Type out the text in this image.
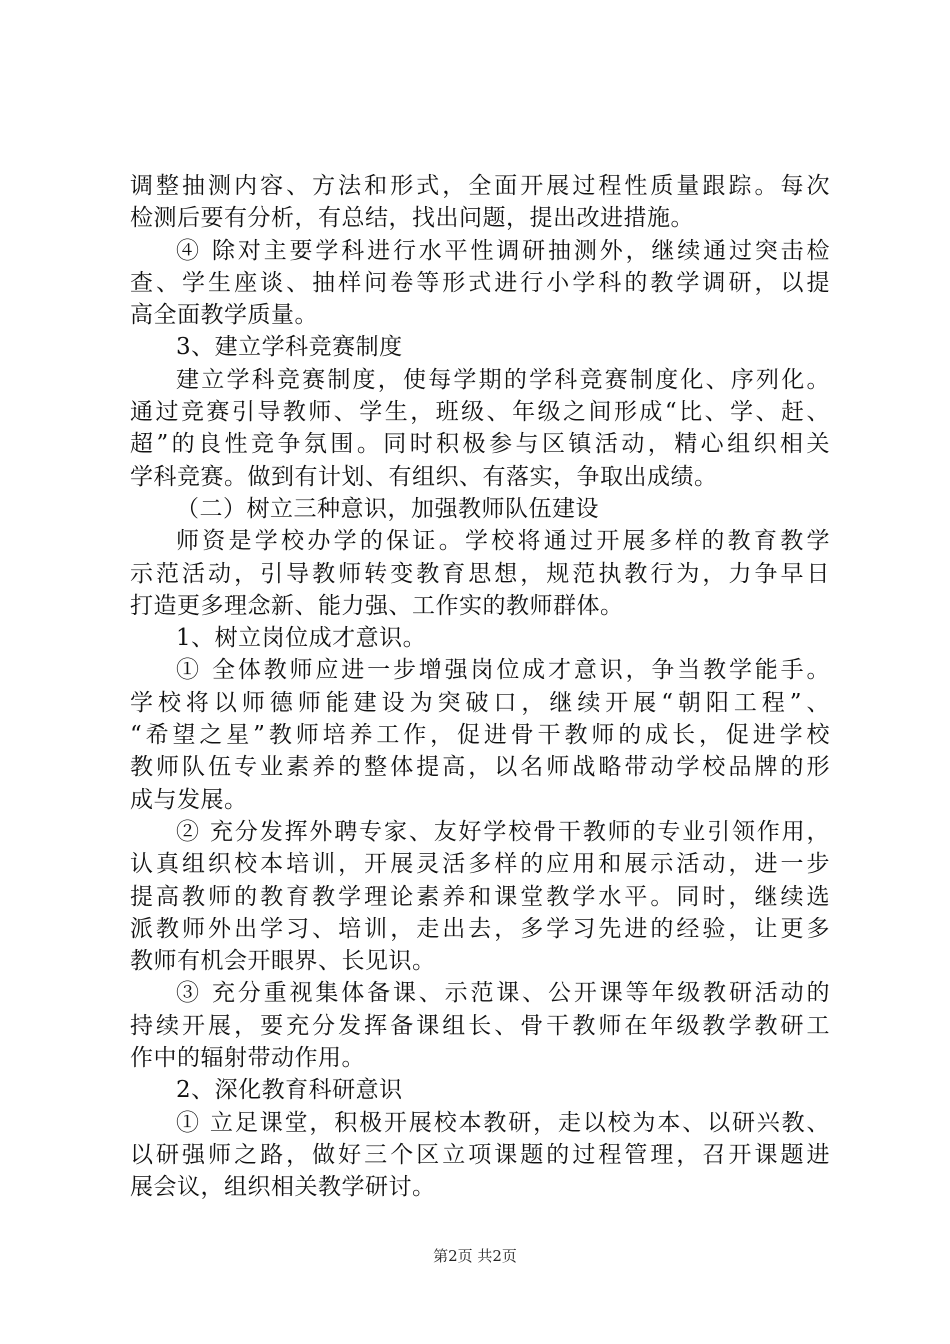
调整抽测内容、方法和形式，全面开展过程性质量跟踪。每次
检测后要有分析，有总结，找出问题，提出改进措施。
④ 除对主要学科进行水平性调研抽测外，继续通过突击检
查、学生座谈、抽样问卷等形式进行小学科的教学调研，以提
高全面教学质量。
3、建立学科竞赛制度
建立学科竞赛制度，使每学期的学科竞赛制度化、序列化。
通过竞赛引导教师、学生，班级、年级之间形成“比、学、赶、
超”的良性竞争氛围。同时积极参与区镇活动，精心组织相关
学科竞赛。做到有计划、有组织、有落实，争取出成绩。
（二）树立三种意识，加强教师队伍建设
师资是学校办学的保证。学校将通过开展多样的教育教学
示范活动，引导教师转变教育思想，规范执教行为，力争早日
打造更多理念新、能力强、工作实的教师群体。
1、树立岗位成才意识。
① 全体教师应进一步增强岗位成才意识，争当教学能手。
学校将以师德师能建设为突破口，继续开展“朝阳工程”、
“希望之星”教师培养工作，促进骨干教师的成长，促进学校
教师队伍专业素养的整体提高，以名师战略带动学校品牌的形
成与发展。
② 充分发挥外聘专家、友好学校骨干教师的专业引领作用，
认真组织校本培训，开展灵活多样的应用和展示活动，进一步
提高教师的教育教学理论素养和课堂教学水平。同时，继续选
派教师外出学习、培训，走出去，多学习先进的经验，让更多
教师有机会开眼界、长见识。
③ 充分重视集体备课、示范课、公开课等年级教研活动的
持续开展，要充分发挥备课组长、骨干教师在年级教学教研工
作中的辐射带动作用。
2、深化教育科研意识
① 立足课堂，积极开展校本教研，走以校为本、以研兴教、
以研强师之路，做好三个区立项课题的过程管理，召开课题进
展会议，组织相关教学研讨。
第2页 共2页
